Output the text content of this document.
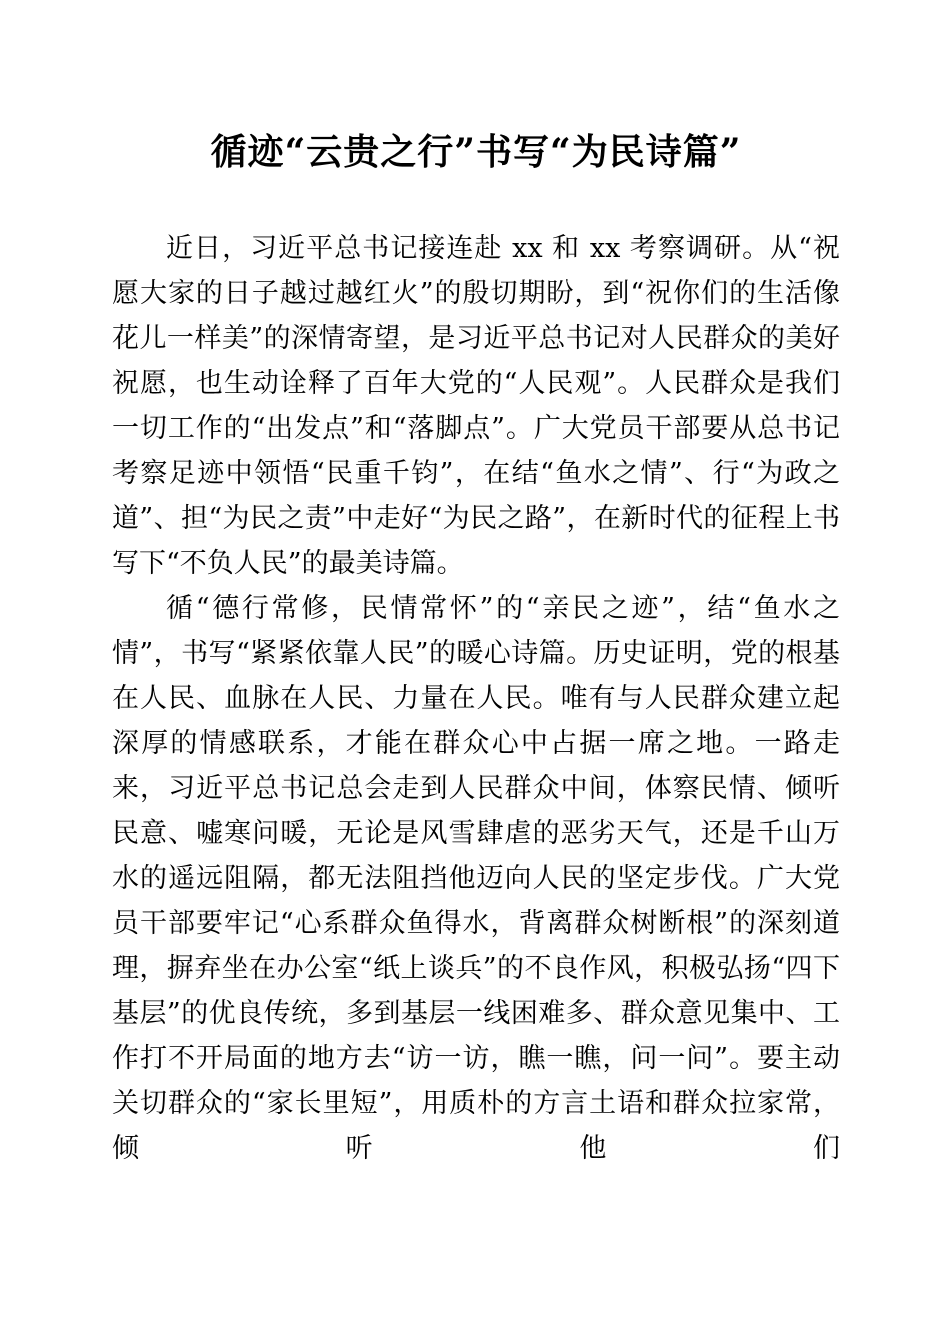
循迹“云贵之行”书写“为民诗篇”

近日，习近平总书记接连赴 xx 和 xx 考察调研。从“祝愿大家的日子越过越红火”的殷切期盼，到“祝你们的生活像花儿一样美”的深情寄望，是习近平总书记对人民群众的美好祝愿，也生动诠释了百年大党的“人民观”。人民群众是我们一切工作的“出发点”和“落脚点”。广大党员干部要从总书记考察足迹中领悟“民重千钧”，在结“鱼水之情”、行“为政之道”、担“为民之责”中走好“为民之路”，在新时代的征程上书写下“不负人民”的最美诗篇。

循“德行常修，民情常怀”的“亲民之迹”，结“鱼水之情”，书写“紧紧依靠人民”的暖心诗篇。历史证明，党的根基在人民、血脉在人民、力量在人民。唯有与人民群众建立起深厚的情感联系，才能在群众心中占据一席之地。一路走来，习近平总书记总会走到人民群众中间，体察民情、倾听民意、嘘寒问暖，无论是风雪肆虐的恶劣天气，还是千山万水的遥远阻隔，都无法阻挡他迈向人民的坚定步伐。广大党员干部要牢记“心系群众鱼得水，背离群众树断根”的深刻道理，摒弃坐在办公室“纸上谈兵”的不良作风，积极弘扬“四下基层”的优良传统，多到基层一线困难多、群众意见集中、工作打不开局面的地方去“访一访，瞧一瞧，问一问”。要主动关切群众的“家长里短”，用质朴的方言土语和群众拉家常，倾听他们
